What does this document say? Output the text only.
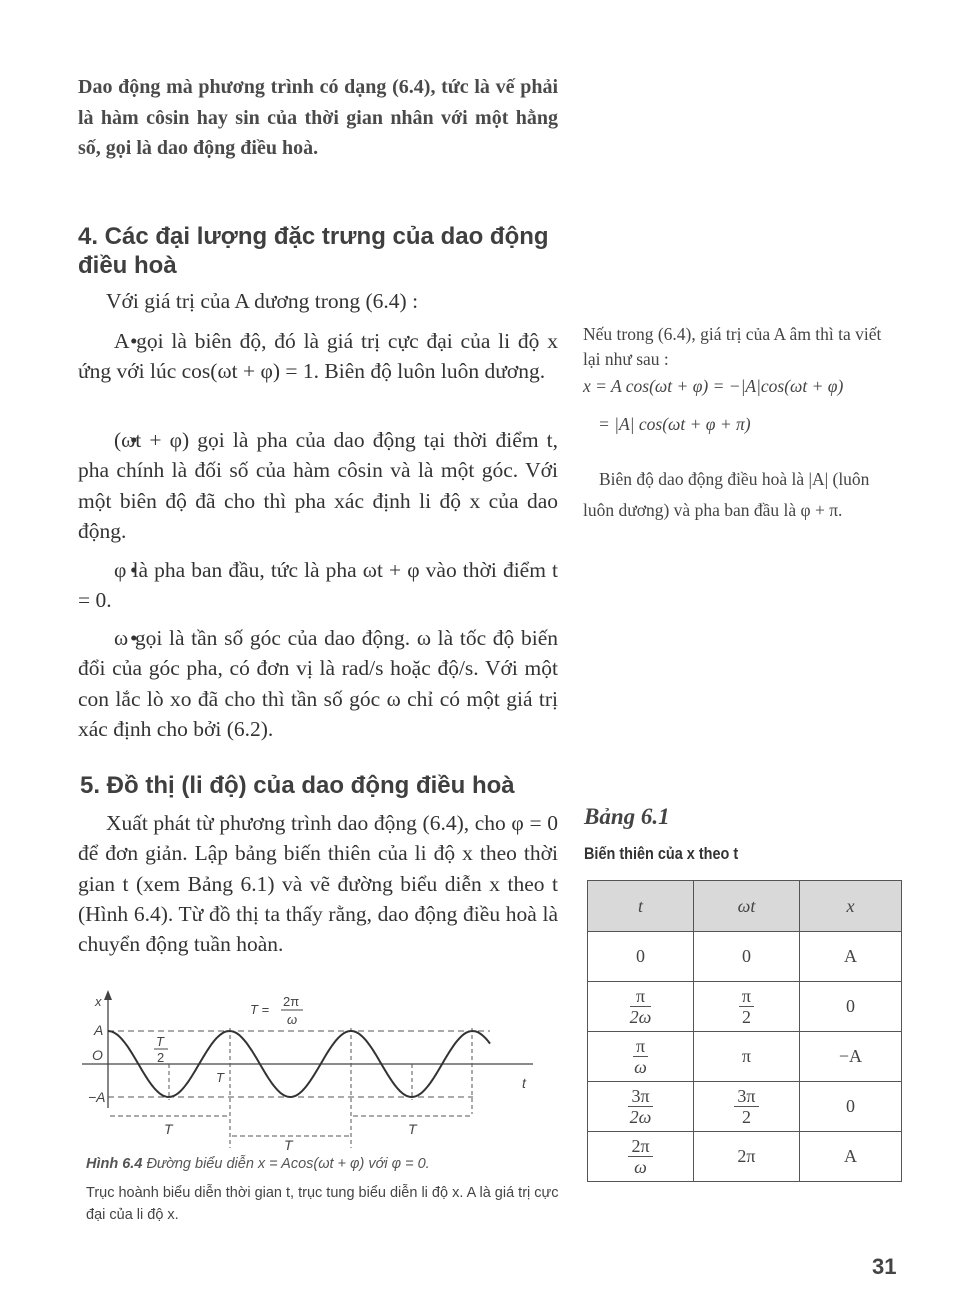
Dao động mà phương trình có dạng (6.4), tức là vế phải là hàm côsin hay sin của thời gian nhân với một hằng số, gọi là dao động điều hoà.
4. Các đại lượng đặc trưng của dao động điều hoà
Với giá trị của A dương trong (6.4) :
• A gọi là biên độ, đó là giá trị cực đại của li độ x ứng với lúc cos(ωt + φ) = 1. Biên độ luôn luôn dương.
• (ωt + φ) gọi là pha của dao động tại thời điểm t, pha chính là đối số của hàm côsin và là một góc. Với một biên độ đã cho thì pha xác định li độ x của dao động.
• φ là pha ban đầu, tức là pha ωt + φ vào thời điểm t = 0.
• ω gọi là tần số góc của dao động. ω là tốc độ biến đổi của góc pha, có đơn vị là rad/s hoặc độ/s. Với một con lắc lò xo đã cho thì tần số góc ω chỉ có một giá trị xác định cho bởi (6.2).
Nếu trong (6.4), giá trị của A âm thì ta viết lại như sau :
x = A cos(ωt + φ) = −|A|cos(ωt + φ)
= |A| cos(ωt + φ + π)
Biên độ dao động điều hoà là |A| (luôn luôn dương) và pha ban đầu là φ + π.
5. Đồ thị (li độ) của dao động điều hoà
Xuất phát từ phương trình dao động (6.4), cho φ = 0 để đơn giản. Lập bảng biến thiên của li độ x theo thời gian t (xem Bảng 6.1) và vẽ đường biểu diễn x theo t (Hình 6.4). Từ đồ thị ta thấy rằng, dao động điều hoà là chuyển động tuần hoàn.
x
A
O
−A
t
T
2
T
T =
2π
ω
T
T
T
Hình 6.4 Đường biểu diễn x = Acos(ωt + φ) với φ = 0.
Trục hoành biểu diễn thời gian t, trục tung biểu diễn li độ x. A là giá trị cực đại của li độ x.
Bảng 6.1
Biến thiên của x theo t
t	ωt	x
0	0	A

$\frac{\pi}{2\omega}$	$\frac{\pi}{2}$	0

$\frac{\pi}{\omega}$	π	−A

$\frac{3\pi}{2\omega}$	$\frac{3\pi}{2}$	0

$\frac{2\pi}{\omega}$	2π	A
31
